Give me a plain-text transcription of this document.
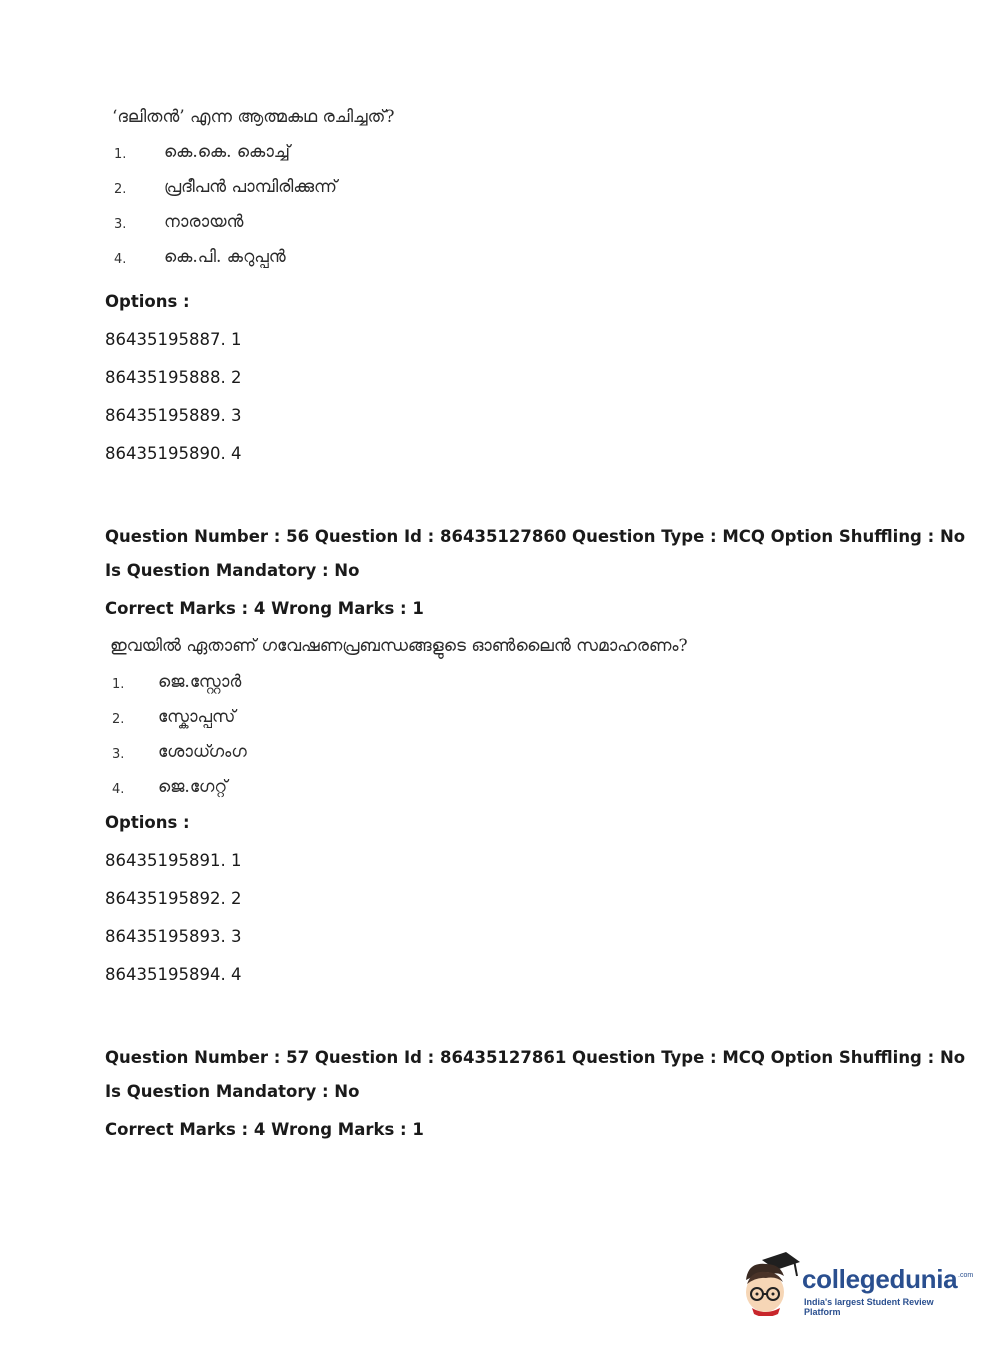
‘ദലിതൻ’ എന്ന ആത്മകഥ രചിച്ചത്?
1. കെ.കെ. കൊച്ച്
2. പ്രദീപൻ പാമ്പിരിക്കുന്ന്
3. നാരായൻ
4. കെ.പി. കറുപ്പൻ
Options :
86435195887. 1
86435195888. 2
86435195889. 3
86435195890. 4
Question Number : 56 Question Id : 86435127860 Question Type : MCQ Option Shuffling : No
Is Question Mandatory : No
Correct Marks : 4 Wrong Marks : 1
ഇവയിൽ ഏതാണ് ഗവേഷണപ്രബന്ധങ്ങളുടെ ഓൺലൈൻ സമാഹരണം?
1. ജെ.സ്റ്റോർ
2. സ്കോപ്പസ്
3. ശോധ്ഗംഗ
4. ജെ.ഗേറ്റ്
Options :
86435195891. 1
86435195892. 2
86435195893. 3
86435195894. 4
Question Number : 57 Question Id : 86435127861 Question Type : MCQ Option Shuffling : No
Is Question Mandatory : No
Correct Marks : 4 Wrong Marks : 1
collegedunia .com
India's largest Student Review Platform
